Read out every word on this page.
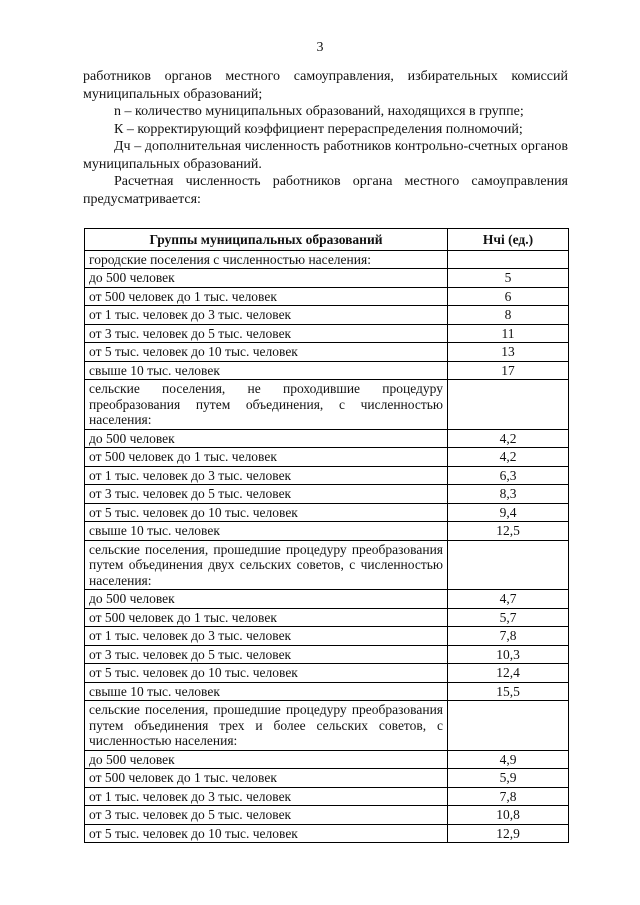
3

работников органов местного самоуправления, избирательных комиссий муниципальных образований;

n – количество муниципальных образований, находящихся в группе;

К – корректирующий коэффициент перераспределения полномочий;

Дч – дополнительная численность работников контрольно-счетных органов муниципальных образований.

Расчетная численность работников органа местного самоуправления предусматривается:

Группы муниципальных образований	Нчі (ед.)
городские поселения с численностью населения:	
до 500 человек	5
от 500 человек до 1 тыс. человек	6
от 1 тыс. человек до 3 тыс. человек	8
от 3 тыс. человек до 5 тыс. человек	11
от 5 тыс. человек до 10 тыс. человек	13
свыше 10 тыс. человек	17
сельские поселения, не проходившие процедуру преобразования путем объединения, с численностью населения:	
до 500 человек	4,2
от 500 человек до 1 тыс. человек	4,2
от 1 тыс. человек до 3 тыс. человек	6,3
от 3 тыс. человек до 5 тыс. человек	8,3
от 5 тыс. человек до 10 тыс. человек	9,4
свыше 10 тыс. человек	12,5
сельские поселения, прошедшие процедуру преобразования путем объединения двух сельских советов, с численностью населения:	
до 500 человек	4,7
от 500 человек до 1 тыс. человек	5,7
от 1 тыс. человек до 3 тыс. человек	7,8
от 3 тыс. человек до 5 тыс. человек	10,3
от 5 тыс. человек до 10 тыс. человек	12,4
свыше 10 тыс. человек	15,5
сельские поселения, прошедшие процедуру преобразования путем объединения трех и более сельских советов, с численностью населения:	
до 500 человек	4,9
от 500 человек до 1 тыс. человек	5,9
от 1 тыс. человек до 3 тыс. человек	7,8
от 3 тыс. человек до 5 тыс. человек	10,8
от 5 тыс. человек до 10 тыс. человек	12,9
